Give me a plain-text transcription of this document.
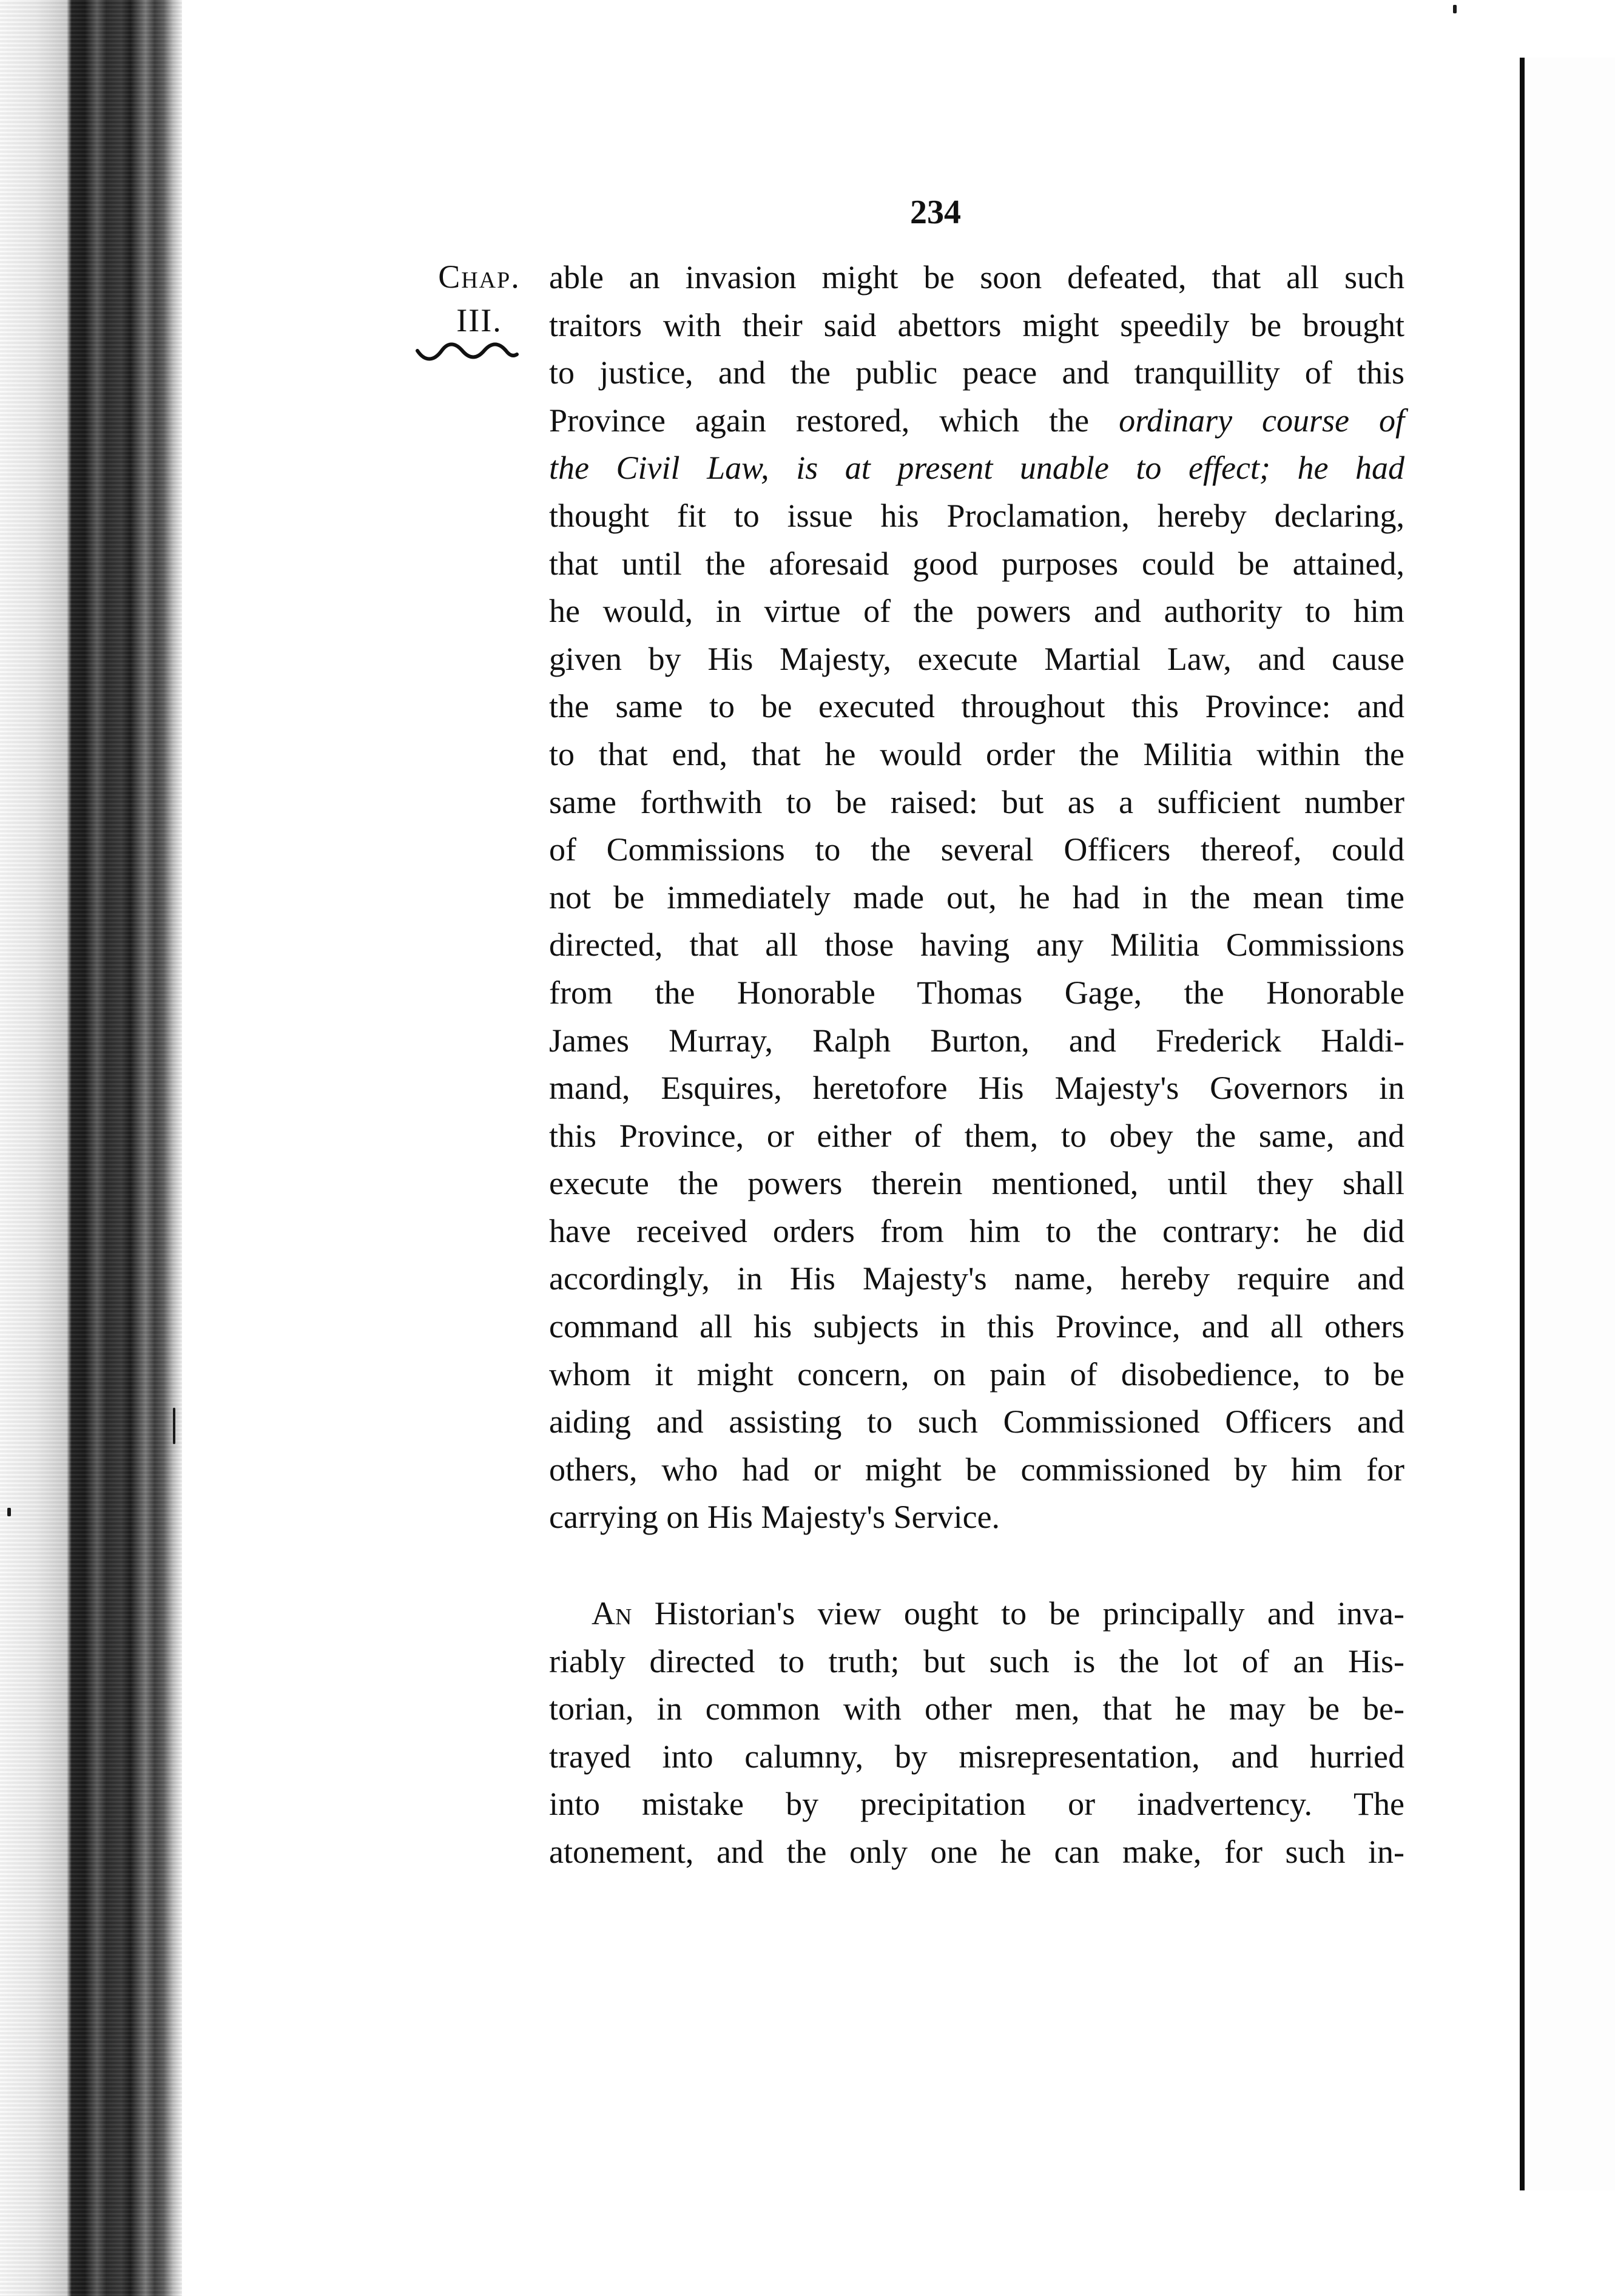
234
Chap.
III.
able an invasion might be soon defeated, that all such
traitors with their said abettors might speedily be brought
to justice, and the public peace and tranquillity of this
Province again restored, which the ordinary course of
the Civil Law, is at present unable to effect; he had
thought fit to issue his Proclamation, hereby declaring,
that until the aforesaid good purposes could be attained,
he would, in virtue of the powers and authority to him
given by His Majesty, execute Martial Law, and cause
the same to be executed throughout this Province: and
to that end, that he would order the Militia within the
same forthwith to be raised: but as a sufficient number
of Commissions to the several Officers thereof, could
not be immediately made out, he had in the mean time
directed, that all those having any Militia Commissions
from the Honorable Thomas Gage, the Honorable
James Murray, Ralph Burton, and Frederick Haldi-
mand, Esquires, heretofore His Majesty's Governors in
this Province, or either of them, to obey the same, and
execute the powers therein mentioned, until they shall
have received orders from him to the contrary: he did
accordingly, in His Majesty's name, hereby require and
command all his subjects in this Province, and all others
whom it might concern, on pain of disobedience, to be
aiding and assisting to such Commissioned Officers and
others, who had or might be commissioned by him for
carrying on His Majesty's Service.
An Historian's view ought to be principally and inva-
riably directed to truth; but such is the lot of an His-
torian, in common with other men, that he may be be-
trayed into calumny, by misrepresentation, and hurried
into mistake by precipitation or inadvertency. The
atonement, and the only one he can make, for such in-
